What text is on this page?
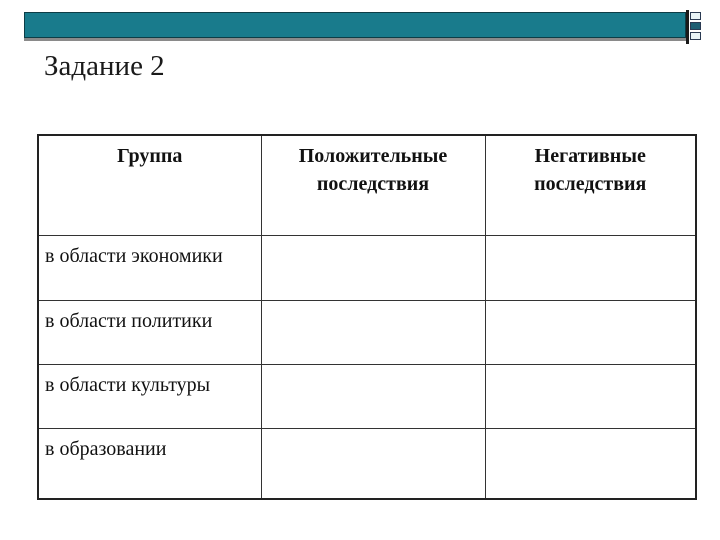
Задание 2
Группа	Положительные последствия	Негативные последствия

в области экономики		
в области политики		
в области культуры		
в образовании		
